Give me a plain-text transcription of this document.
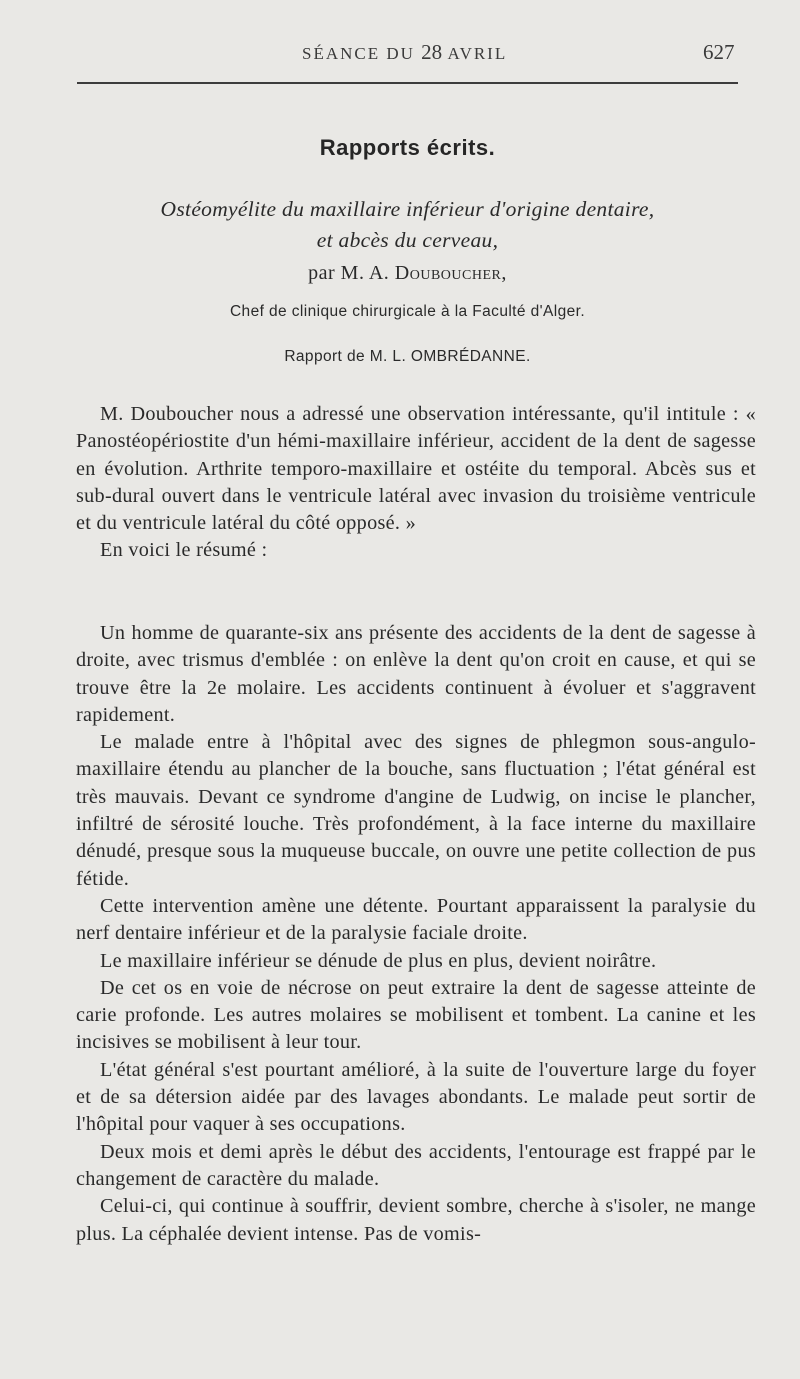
SÉANCE DU 28 AVRIL	627
Rapports écrits.
Ostéomyélite du maxillaire inférieur d'origine dentaire,
et abcès du cerveau,
par M. A. Douboucher,
Chef de clinique chirurgicale à la Faculté d'Alger.
Rapport de M. L. OMBRÉDANNE.

M. Douboucher nous a adressé une observation intéressante, qu'il intitule : « Panostéopériostite d'un hémi-maxillaire inférieur, accident de la dent de sagesse en évolution. Arthrite temporo-maxillaire et ostéite du temporal. Abcès sus et sub-dural ouvert dans le ventricule latéral avec invasion du troisième ventricule et du ventricule latéral du côté opposé. »

En voici le résumé :

Un homme de quarante-six ans présente des accidents de la dent de sagesse à droite, avec trismus d'emblée : on enlève la dent qu'on croit en cause, et qui se trouve être la 2e molaire. Les accidents continuent à évoluer et s'aggravent rapidement.

Le malade entre à l'hôpital avec des signes de phlegmon sous-angulo-maxillaire étendu au plancher de la bouche, sans fluctuation ; l'état général est très mauvais. Devant ce syndrome d'angine de Ludwig, on incise le plancher, infiltré de sérosité louche. Très profondément, à la face interne du maxillaire dénudé, presque sous la muqueuse buccale, on ouvre une petite collection de pus fétide.

Cette intervention amène une détente. Pourtant apparaissent la paralysie du nerf dentaire inférieur et de la paralysie faciale droite.

Le maxillaire inférieur se dénude de plus en plus, devient noirâtre.

De cet os en voie de nécrose on peut extraire la dent de sagesse atteinte de carie profonde. Les autres molaires se mobilisent et tombent. La canine et les incisives se mobilisent à leur tour.

L'état général s'est pourtant amélioré, à la suite de l'ouverture large du foyer et de sa détersion aidée par des lavages abondants. Le malade peut sortir de l'hôpital pour vaquer à ses occupations.

Deux mois et demi après le début des accidents, l'entourage est frappé par le changement de caractère du malade.

Celui-ci, qui continue à souffrir, devient sombre, cherche à s'isoler, ne mange plus. La céphalée devient intense. Pas de vomis-
